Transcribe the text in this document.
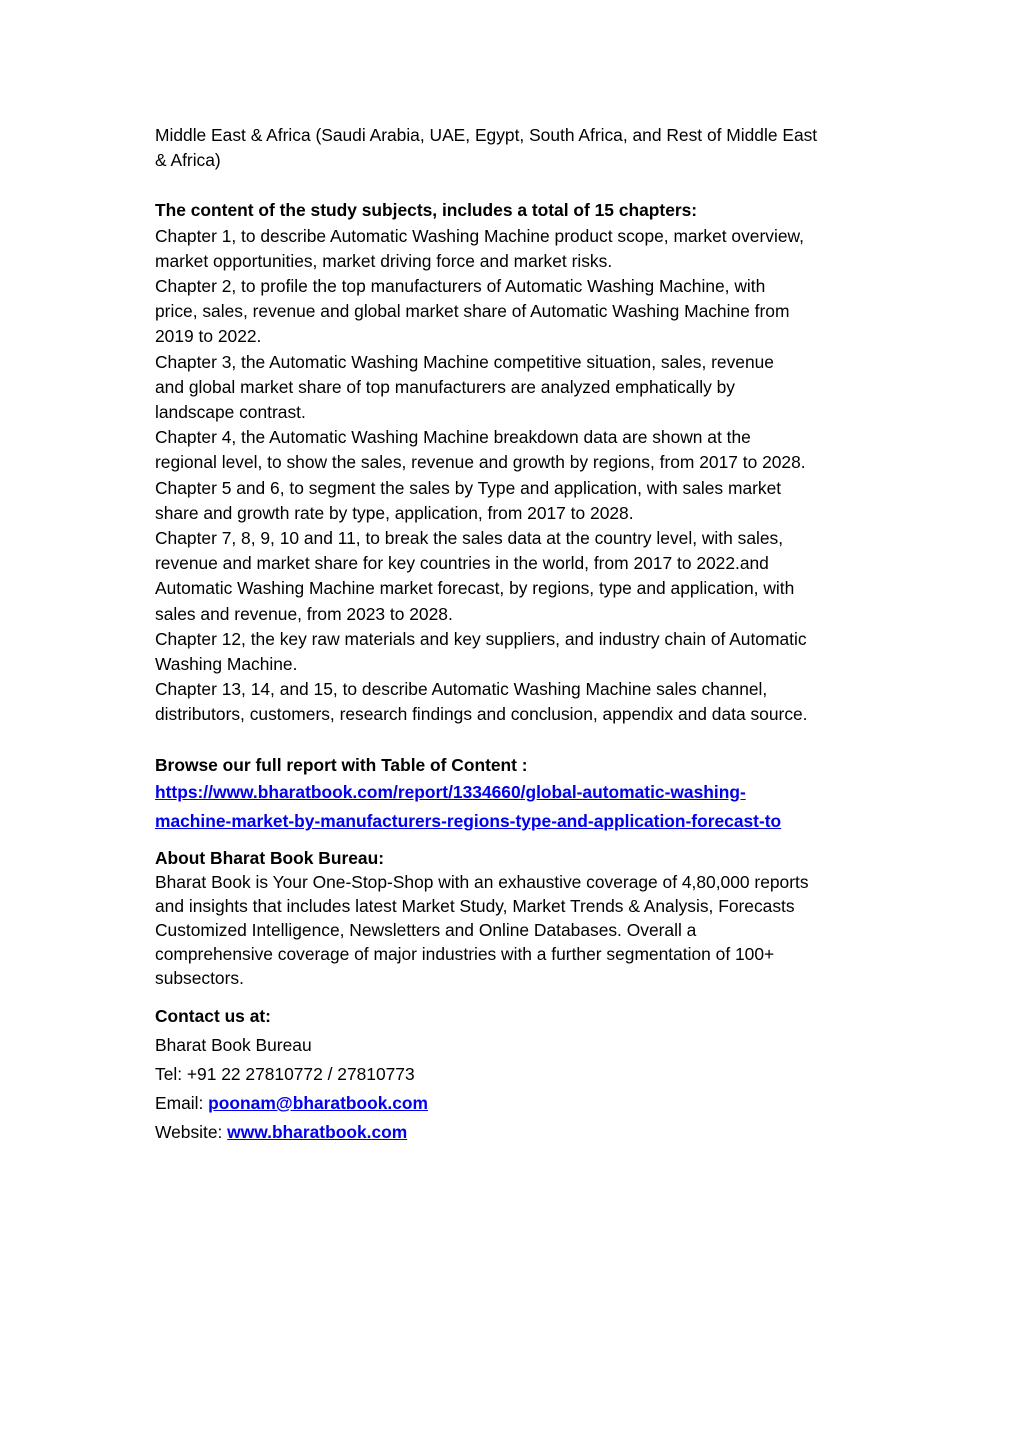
Middle East & Africa (Saudi Arabia, UAE, Egypt, South Africa, and Rest of Middle East
& Africa)

The content of the study subjects, includes a total of 15 chapters:
Chapter 1, to describe Automatic Washing Machine product scope, market overview,
market opportunities, market driving force and market risks.
Chapter 2, to profile the top manufacturers of Automatic Washing Machine, with
price, sales, revenue and global market share of Automatic Washing Machine from
2019 to 2022.
Chapter 3, the Automatic Washing Machine competitive situation, sales, revenue
and global market share of top manufacturers are analyzed emphatically by
landscape contrast.
Chapter 4, the Automatic Washing Machine breakdown data are shown at the
regional level, to show the sales, revenue and growth by regions, from 2017 to 2028.
Chapter 5 and 6, to segment the sales by Type and application, with sales market
share and growth rate by type, application, from 2017 to 2028.
Chapter 7, 8, 9, 10 and 11, to break the sales data at the country level, with sales,
revenue and market share for key countries in the world, from 2017 to 2022.and
Automatic Washing Machine market forecast, by regions, type and application, with
sales and revenue, from 2023 to 2028.
Chapter 12, the key raw materials and key suppliers, and industry chain of Automatic
Washing Machine.
Chapter 13, 14, and 15, to describe Automatic Washing Machine sales channel,
distributors, customers, research findings and conclusion, appendix and data source.
Browse our full report with Table of Content :
https://www.bharatbook.com/report/1334660/global-automatic-washing-
machine-market-by-manufacturers-regions-type-and-application-forecast-to
About Bharat Book Bureau:
Bharat Book is Your One-Stop-Shop with an exhaustive coverage of 4,80,000 reports
and insights that includes latest Market Study, Market Trends & Analysis, Forecasts
Customized Intelligence, Newsletters and Online Databases. Overall a
comprehensive coverage of major industries with a further segmentation of 100+
subsectors.
Contact us at:
Bharat Book Bureau
Tel: +91 22 27810772 / 27810773
Email: poonam@bharatbook.com
Website: www.bharatbook.com
